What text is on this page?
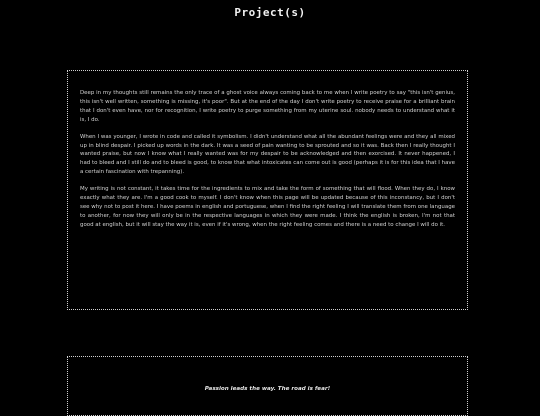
Project(s)

Deep in my thoughts still remains the only trace of a ghost voice always coming back to me when I write poetry to say "this isn't genius, this isn't well written, something is missing, it's poor". But at the end of the day I don't write poetry to receive praise for a brilliant brain that I don't even have, nor for recognition, I write poetry to purge something from my uterine soul. nobody needs to understand what it is, I do.

When I was younger, I wrote in code and called it symbolism. I didn't understand what all the abundant feelings were and they all mixed up in blind despair. I picked up words in the dark. It was a seed of pain wanting to be sprouted and so it was. Back then I really thought I wanted praise, but now I know what I really wanted was for my despair to be acknowledged and then exorcised. It never happened, I had to bleed and I still do and to bleed is good, to know that what intoxicates can come out is good (perhaps it is for this idea that I have a certain fascination with trepanning).

My writing is not constant, it takes time for the ingredients to mix and take the form of something that will flood. When they do, I know exactly what they are. I'm a good cook to myself. I don't know when this page will be updated because of this inconstancy, but I don't see why not to post it here. I have poems in english and portuguese, when I find the right feeling I will translate them from one language to another, for now they will only be in the respective languages in which they were made. I think the english is broken, I'm not that good at english, but it will stay the way it is, even if it's wrong, when the right feeling comes and there is a need to change I will do it.

Passion leads the way. The road is fear!
